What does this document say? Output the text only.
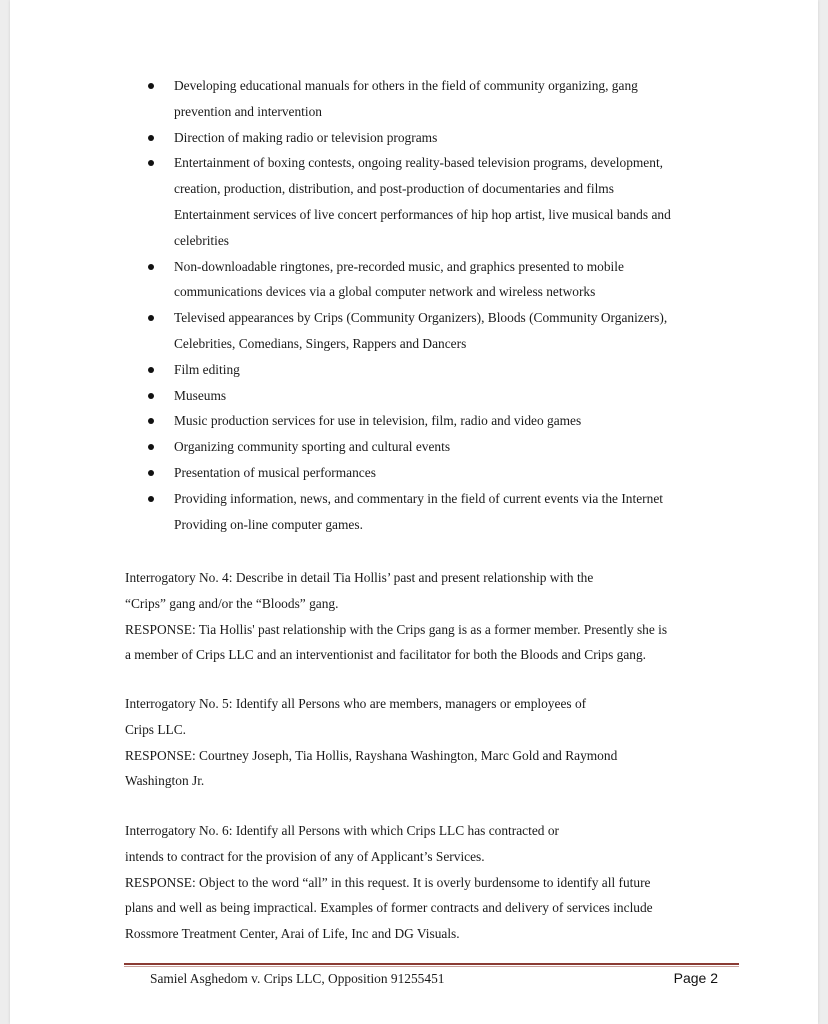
Developing educational manuals for others in the field of community organizing, gang
prevention and intervention
Direction of making radio or television programs
Entertainment of boxing contests, ongoing reality-based television programs, development,
creation, production, distribution, and post-production of documentaries and films
Entertainment services of live concert performances of hip hop artist, live musical bands and
celebrities
Non-downloadable ringtones, pre-recorded music, and graphics presented to mobile
communications devices via a global computer network and wireless networks
Televised appearances by Crips (Community Organizers), Bloods (Community Organizers),
Celebrities, Comedians, Singers, Rappers and Dancers
Film editing
Museums
Music production services for use in television, film, radio and video games
Organizing community sporting and cultural events
Presentation of musical performances
Providing information, news, and commentary in the field of current events via the Internet
Providing on-line computer games.

Interrogatory No. 4: Describe in detail Tia Hollis’ past and present relationship with the
“Crips” gang and/or the “Bloods” gang.

RESPONSE: Tia Hollis' past relationship with the Crips gang is as a former member. Presently she is
a member of Crips LLC and an interventionist and facilitator for both the Bloods and Crips gang.

Interrogatory No. 5: Identify all Persons who are members, managers or employees of
Crips LLC.

RESPONSE: Courtney Joseph, Tia Hollis, Rayshana Washington, Marc Gold and Raymond
Washington Jr.

Interrogatory No. 6: Identify all Persons with which Crips LLC has contracted or
intends to contract for the provision of any of Applicant’s Services.

RESPONSE: Object to the word “all” in this request. It is overly burdensome to identify all future
plans and well as being impractical. Examples of former contracts and delivery of services include
Rossmore Treatment Center, Arai of Life, Inc and DG Visuals.

Samiel Asghedom v. Crips LLC, Opposition 91255451	Page 2
